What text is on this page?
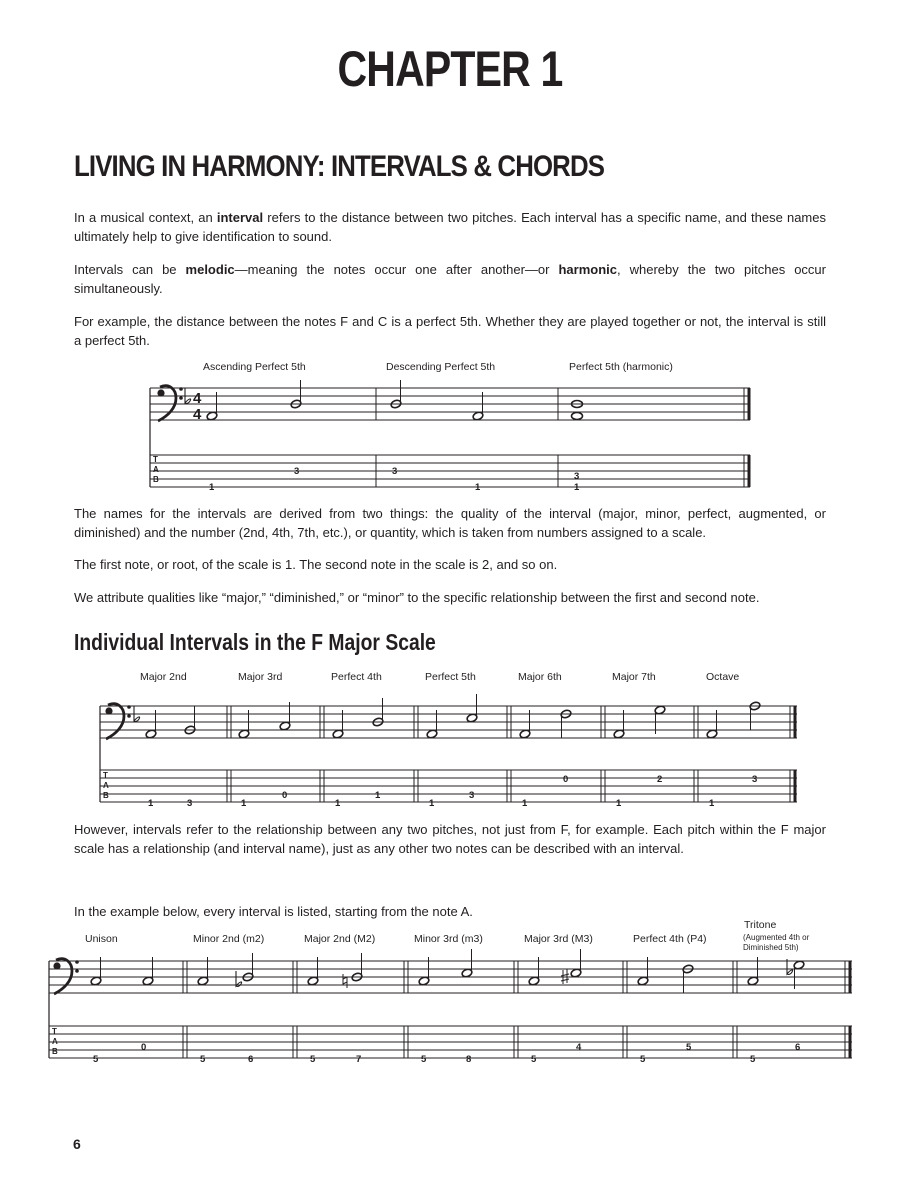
CHAPTER 1
LIVING IN HARMONY: INTERVALS & CHORDS

In a musical context, an interval refers to the distance between two pitches. Each interval has a specific name, and these names ultimately help to give identification to sound.

Intervals can be melodic—meaning the notes occur one after another—or harmonic, whereby the two pitches occur simultaneously.

For example, the distance between the notes F and C is a perfect 5th. Whether they are played together or not, the interval is still a perfect 5th.

The names for the intervals are derived from two things: the quality of the interval (major, minor, perfect, augmented, or diminished) and the number (2nd, 4th, 7th, etc.), or quantity, which is taken from numbers assigned to a scale.

The first note, or root, of the scale is 1. The second note in the scale is 2, and so on.

We attribute qualities like “major,” “diminished,” or “minor” to the specific relationship between the first and second note.

Individual Intervals in the F Major Scale

However, intervals refer to the relationship between any two pitches, not just from F, for example. Each pitch within the F major scale has a relationship (and interval name), just as any other two notes can be described with an interval.

In the example below, every interval is listed, starting from the note A.

6
Ascending Perfect 5th	Descending Perfect 5th	Perfect 5th (harmonic)
4
4
T
A
B
1
3	3
1
3
1
Major 2nd	Major 3rd	Perfect 4th	Perfect 5th	Major 6th	Major 7th	Octave
T
A
B
1	3	1
0
1
1
1
3
1
0
1
2
1
3
Unison	Minor 2nd (m2)	Major 2nd (M2)	Minor 3rd (m3)	Major 3rd (M3)	Perfect 4th (P4)
Tritone
(Augmented 4th or
Diminished 5th)
T
A
B
5
0
5	6	5	7	5	8	5
4
5
5
5
6
